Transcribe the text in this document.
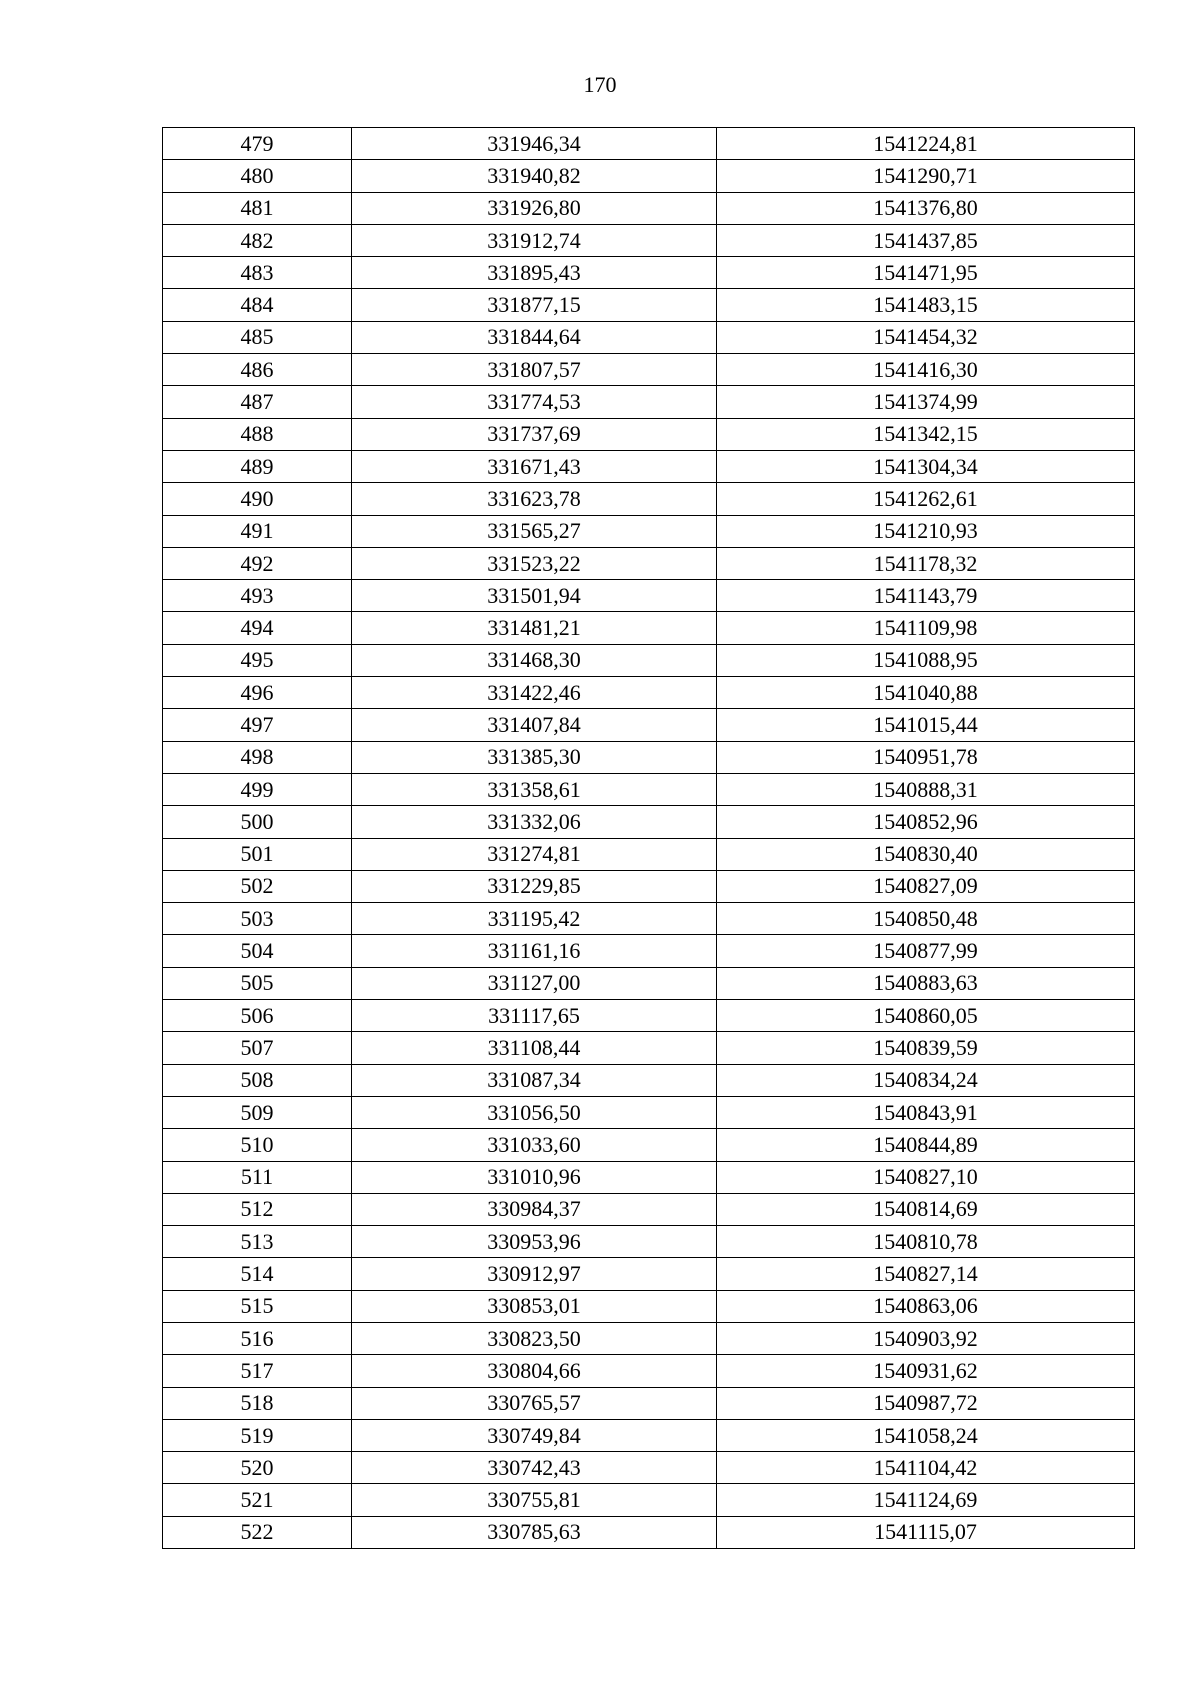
170
479	331946,34	1541224,81
480	331940,82	1541290,71
481	331926,80	1541376,80
482	331912,74	1541437,85
483	331895,43	1541471,95
484	331877,15	1541483,15
485	331844,64	1541454,32
486	331807,57	1541416,30
487	331774,53	1541374,99
488	331737,69	1541342,15
489	331671,43	1541304,34
490	331623,78	1541262,61
491	331565,27	1541210,93
492	331523,22	1541178,32
493	331501,94	1541143,79
494	331481,21	1541109,98
495	331468,30	1541088,95
496	331422,46	1541040,88
497	331407,84	1541015,44
498	331385,30	1540951,78
499	331358,61	1540888,31
500	331332,06	1540852,96
501	331274,81	1540830,40
502	331229,85	1540827,09
503	331195,42	1540850,48
504	331161,16	1540877,99
505	331127,00	1540883,63
506	331117,65	1540860,05
507	331108,44	1540839,59
508	331087,34	1540834,24
509	331056,50	1540843,91
510	331033,60	1540844,89
511	331010,96	1540827,10
512	330984,37	1540814,69
513	330953,96	1540810,78
514	330912,97	1540827,14
515	330853,01	1540863,06
516	330823,50	1540903,92
517	330804,66	1540931,62
518	330765,57	1540987,72
519	330749,84	1541058,24
520	330742,43	1541104,42
521	330755,81	1541124,69
522	330785,63	1541115,07
